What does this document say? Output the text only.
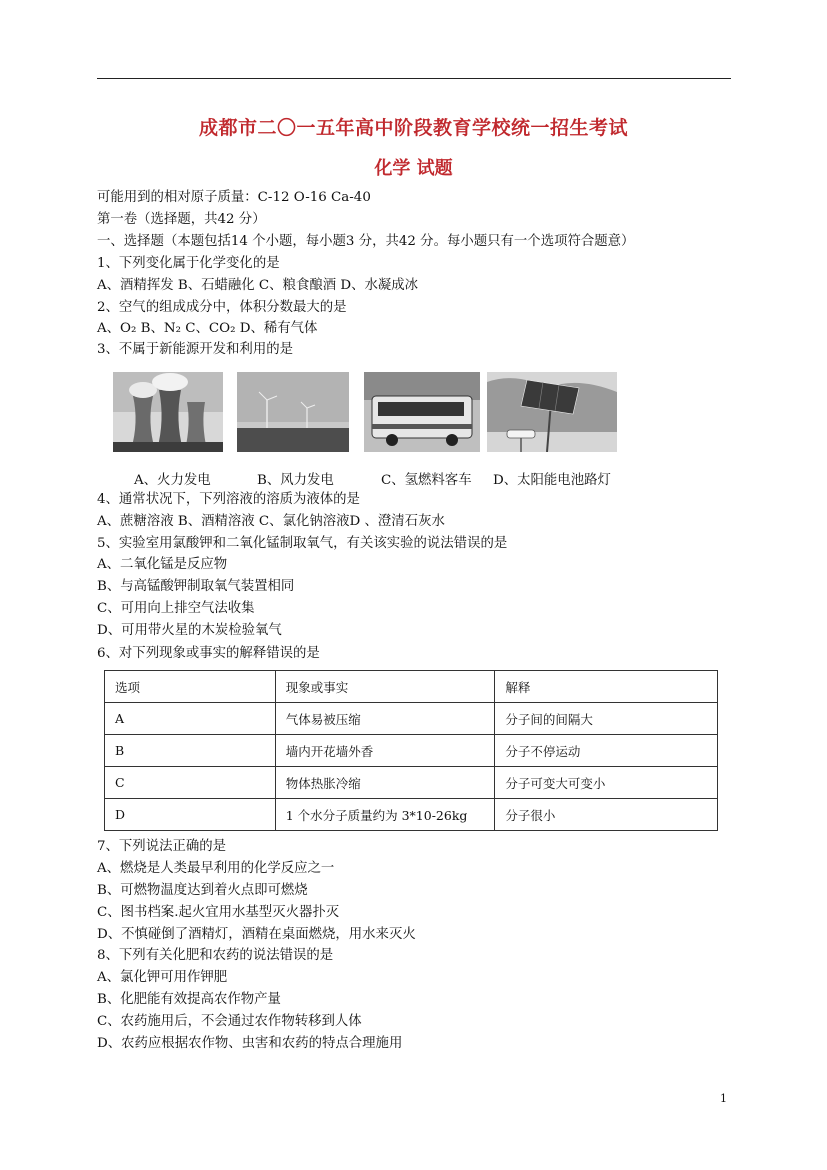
成都市二〇一五年高中阶段教育学校统一招生考试
化学 试题
可能用到的相对原子质量：C-12 O-16 Ca-40
第一卷（选择题，共42 分）
一、选择题（本题包括14 个小题，每小题3 分，共42 分。每小题只有一个选项符合题意）
1、下列变化属于化学变化的是
A、酒精挥发 B、石蜡融化 C、粮食酿酒 D、水凝成冰
2、空气的组成成分中，体积分数最大的是
A、O₂ B、N₂ C、CO₂ D、稀有气体
3、不属于新能源开发和利用的是
A、火力发电	B、风力发电	C、氢燃料客车 D、太阳能电池路灯
4、通常状况下，下列溶液的溶质为液体的是
A、蔗糖溶液 B、酒精溶液 C、氯化钠溶液D 、澄清石灰水
5、实验室用氯酸钾和二氧化锰制取氧气，有关该实验的说法错误的是
A、二氧化锰是反应物
B、与高锰酸钾制取氧气装置相同
C、可用向上排空气法收集
D、可用带火星的木炭检验氧气
6、对下列现象或事实的解释错误的是
选项	现象或事实	解释
A	气体易被压缩	分子间的间隔大
B	墙内开花墙外香	分子不停运动
C	物体热胀冷缩	分子可变大可变小
D	1 个水分子质量约为 3*10-26kg	分子很小
7、下列说法正确的是
A、燃烧是人类最早利用的化学反应之一
B、可燃物温度达到着火点即可燃烧
C、图书档案.起火宜用水基型灭火器扑灭
D、不慎碰倒了酒精灯，酒精在桌面燃烧，用水来灭火
8、下列有关化肥和农药的说法错误的是
A、氯化钾可用作钾肥
B、化肥能有效提高农作物产量
C、农药施用后，不会通过农作物转移到人体
D、农药应根据农作物、虫害和农药的特点合理施用
1
